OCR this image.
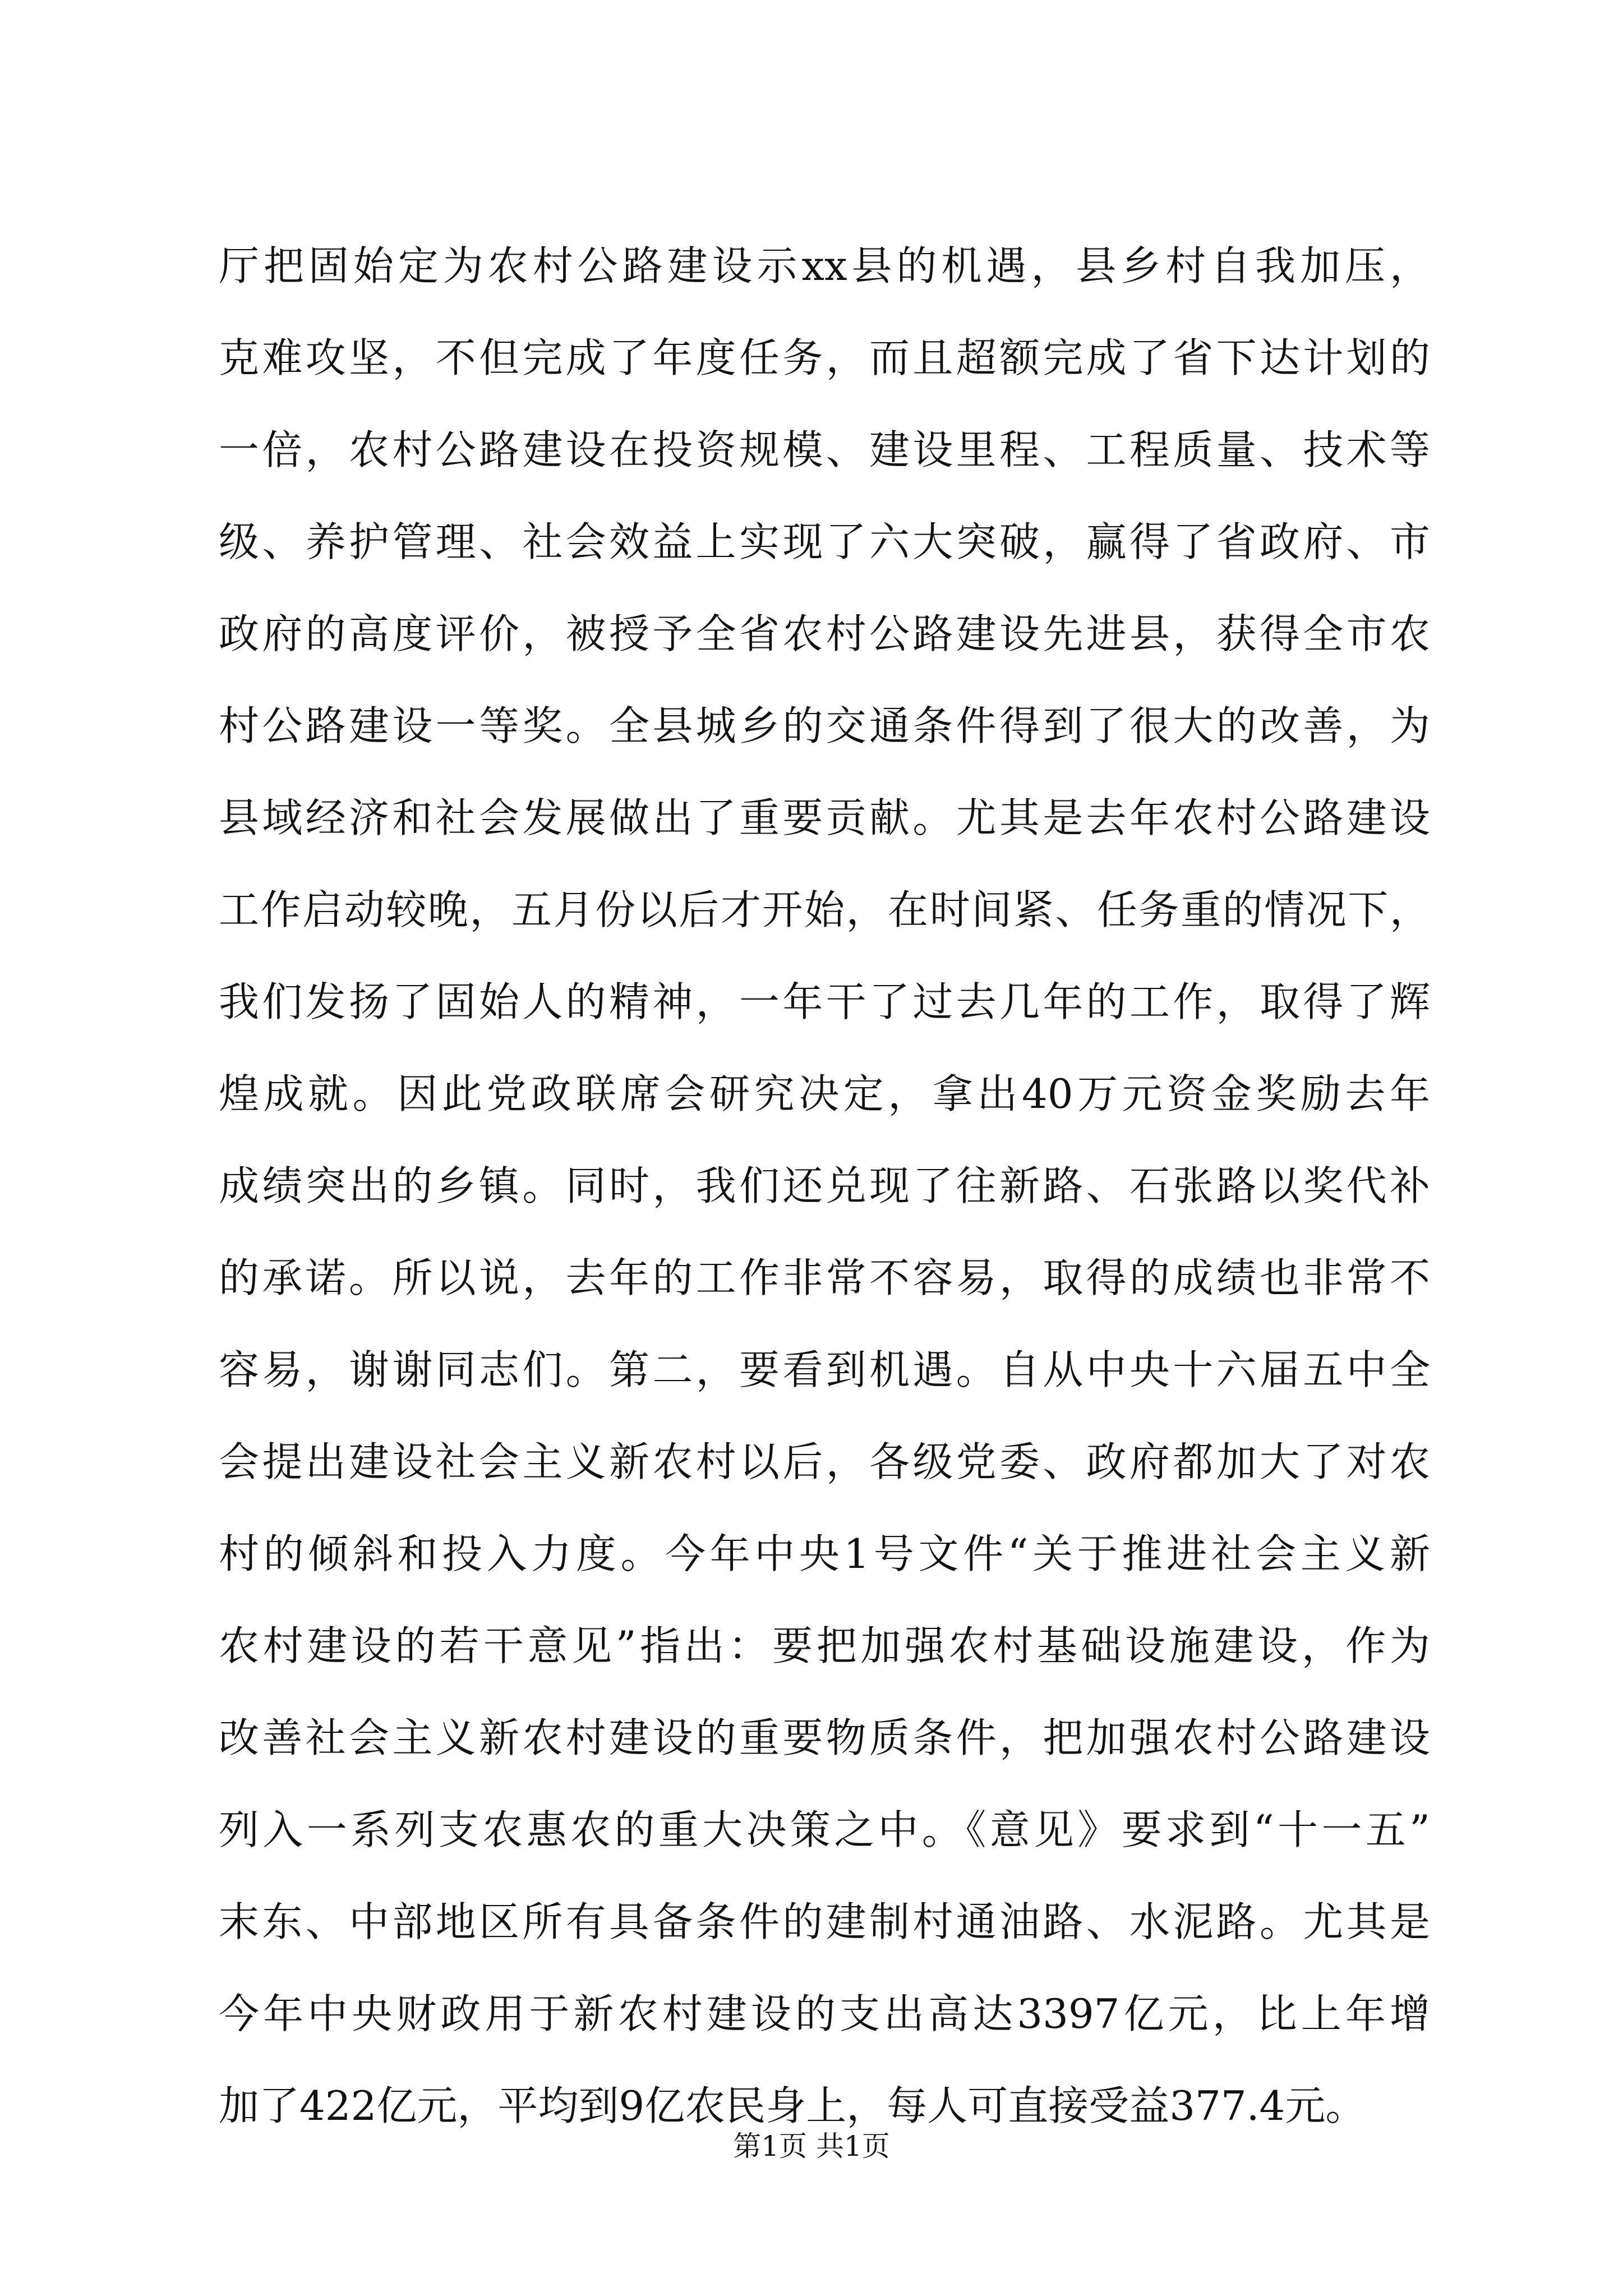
厅把固始定为农村公路建设示xx县的机遇，县乡村自我加压，
克难攻坚，不但完成了年度任务，而且超额完成了省下达计划的
一倍，农村公路建设在投资规模、建设里程、工程质量、技术等
级、养护管理、社会效益上实现了六大突破，赢得了省政府、市
政府的高度评价，被授予全省农村公路建设先进县，获得全市农
村公路建设一等奖。全县城乡的交通条件得到了很大的改善，为
县域经济和社会发展做出了重要贡献。尤其是去年农村公路建设
工作启动较晚，五月份以后才开始，在时间紧、任务重的情况下，
我们发扬了固始人的精神，一年干了过去几年的工作，取得了辉
煌成就。因此党政联席会研究决定，拿出40万元资金奖励去年
成绩突出的乡镇。同时，我们还兑现了往新路、石张路以奖代补
的承诺。所以说，去年的工作非常不容易，取得的成绩也非常不
容易，谢谢同志们。第二，要看到机遇。自从中央十六届五中全
会提出建设社会主义新农村以后，各级党委、政府都加大了对农
村的倾斜和投入力度。今年中央1号文件“关于推进社会主义新
农村建设的若干意见”指出：要把加强农村基础设施建设，作为
改善社会主义新农村建设的重要物质条件，把加强农村公路建设
列入一系列支农惠农的重大决策之中。《意见》要求到“十一五”
末东、中部地区所有具备条件的建制村通油路、水泥路。尤其是
今年中央财政用于新农村建设的支出高达3397亿元，比上年增
加了422亿元，平均到9亿农民身上，每人可直接受益377.4元。
第1页 共1页
